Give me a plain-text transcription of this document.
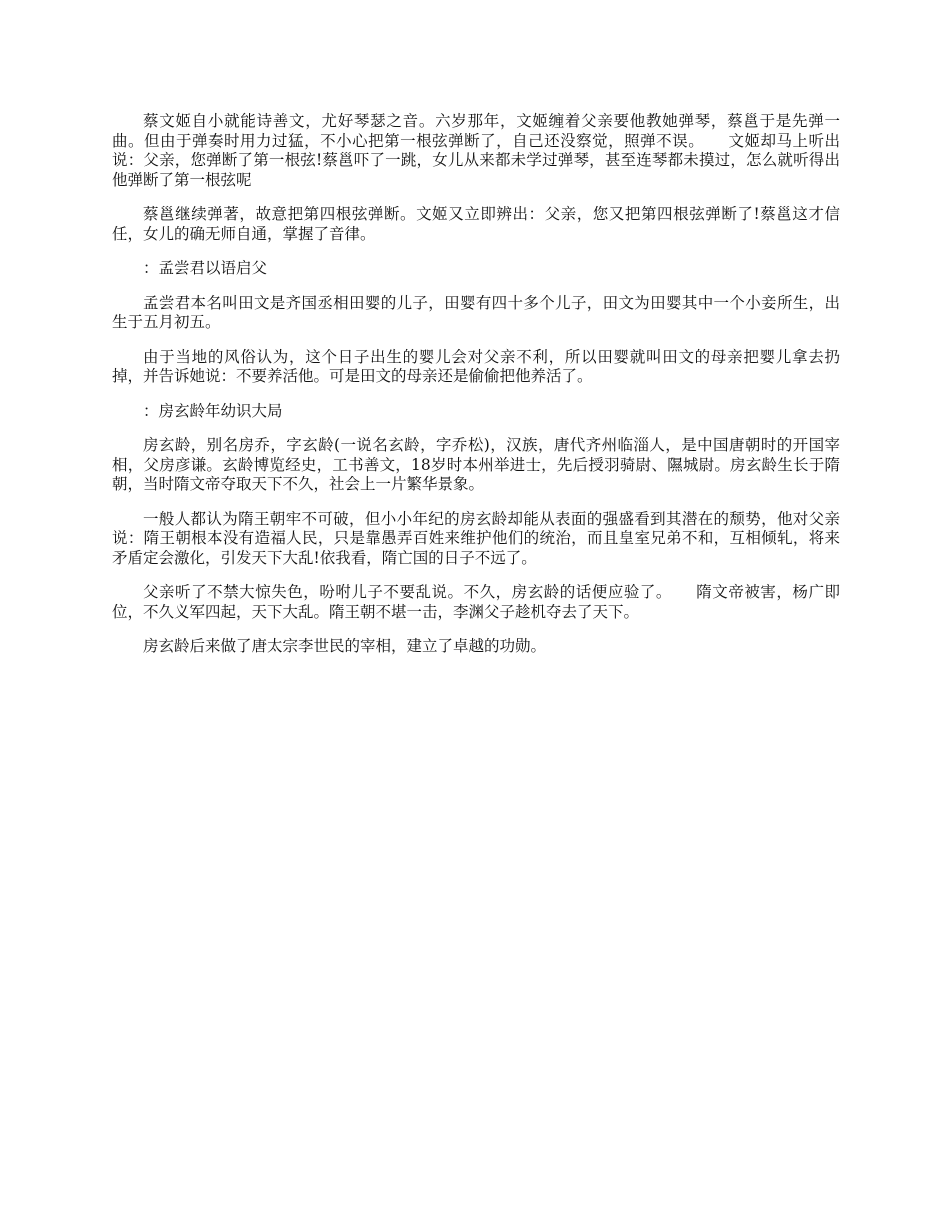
蔡文姬自小就能诗善文，尤好琴瑟之音。六岁那年，文姬缠着父亲要他教她弹琴，蔡邕于是先弹一曲。但由于弹奏时用力过猛，不小心把第一根弦弹断了，自己还没察觉，照弹不误。　　文姬却马上听出说：父亲，您弹断了第一根弦!蔡邕吓了一跳，女儿从来都未学过弹琴，甚至连琴都未摸过，怎么就听得出他弹断了第一根弦呢

蔡邕继续弹著，故意把第四根弦弹断。文姬又立即辨出：父亲，您又把第四根弦弹断了!蔡邕这才信任，女儿的确无师自通，掌握了音律。

：孟尝君以语启父

孟尝君本名叫田文是齐国丞相田婴的儿子，田婴有四十多个儿子，田文为田婴其中一个小妾所生，出生于五月初五。

由于当地的风俗认为，这个日子出生的婴儿会对父亲不利，所以田婴就叫田文的母亲把婴儿拿去扔掉，并告诉她说：不要养活他。可是田文的母亲还是偷偷把他养活了。

：房玄龄年幼识大局

房玄龄，别名房乔，字玄龄(一说名玄龄，字乔松)，汉族，唐代齐州临淄人，是中国唐朝时的开国宰相，父房彦谦。玄龄博览经史，工书善文，18岁时本州举进士，先后授羽骑尉、隰城尉。房玄龄生长于隋朝，当时隋文帝夺取天下不久，社会上一片繁华景象。

一般人都认为隋王朝牢不可破，但小小年纪的房玄龄却能从表面的强盛看到其潜在的颓势，他对父亲说：隋王朝根本没有造福人民，只是靠愚弄百姓来维护他们的统治，而且皇室兄弟不和，互相倾轧，将来矛盾定会激化，引发天下大乱!依我看，隋亡国的日子不远了。

父亲听了不禁大惊失色，吩咐儿子不要乱说。不久，房玄龄的话便应验了。　　隋文帝被害，杨广即位，不久义军四起，天下大乱。隋王朝不堪一击，李渊父子趁机夺去了天下。

房玄龄后来做了唐太宗李世民的宰相，建立了卓越的功勋。
